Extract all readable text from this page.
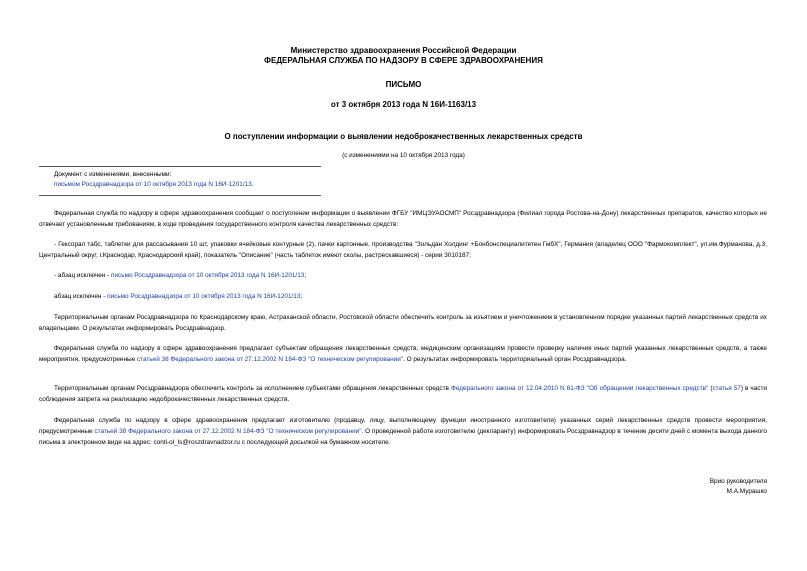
Министерство здравоохранения Российской Федерации
ФЕДЕРАЛЬНАЯ СЛУЖБА ПО НАДЗОРУ В СФЕРЕ ЗДРАВООХРАНЕНИЯ
ПИСЬМО
от 3 октября 2013 года N 16И-1163/13
О поступлении информации о выявлении недоброкачественных лекарственных средств
(с изменениями на 10 октября 2013 года)
Документ с изменениями, внесенными:
письмом Росздравнадзора от 10 октября 2013 года N 16И-1201/13.
Федеральная служба по надзору в сфере здравоохранения сообщает о поступлении информации о выявлении ФГБУ "ИМЦЭУАОСМП" Росздравнадзора (Филиал города Ростова-на-Дону) лекарственных препаратов, качество которых не отвечает установленным требованиям, в ходе проведения государственного контроля качества лекарственных средств:
- Гексорал табс, таблетки для рассасывания 10 шт, упаковки ячейковые контурные (2), пачки картонные, производства "Зольдан Холдинг +Бонбонспециалитетен ГмбХ", Германия (владелец ООО "Фармокомплект", ул.им.Фурманова, д.3, Центральный округ, г.Краснодар, Краснодарский край), показатель "Описание" (часть таблеток имеют сколы, растрескавшиеся) - серии 3010187;
- абзац исключен - письмо Росздравнадзора от 10 октября 2013 года N 16И-1201/13;
абзац исключен - письмо Росздравнадзора от 10 октября 2013 года N 16И-1201/13;
Территориальным органам Росздравнадзора по Краснодарскому краю, Астраханской области, Ростовской области обеспечить контроль за изъятием и уничтожением в установленном порядке указанных партий лекарственных средств их владельцами. О результатах информировать Росздравнадзор.
Федеральная служба по надзору в сфере здравоохранения предлагает субъектам обращения лекарственных средств, медицинским организациям провести проверку наличия иных партий указанных лекарственных средств, а также мероприятия, предусмотренные статьей 38 Федерального закона от 27.12.2002 N 184-ФЗ "О техническом регулировании". О результатах информировать территориальный орган Росздравнадзора.
Территориальным органам Росздравнадзора обеспечить контроль за исполнением субъектами обращения лекарственных средств Федерального закона от 12.04.2010 N 61-ФЗ "Об обращении лекарственных средств" (статья 57) в части соблюдения запрета на реализацию недоброкачественных лекарственных средств.
Федеральная служба по надзору в сфере здравоохранения предлагает изготовителю (продавцу, лицу, выполняющему функции иностранного изготовителя) указанных серий лекарственных средств провести мероприятия, предусмотренные статьей 38 Федерального закона от 27.12.2002 N 184-ФЗ "О техническом регулировании". О проведенной работе изготовителю (декларанту) информировать Росздравнадзор в течение десяти дней с момента выхода данного письма в электронном виде на адрес: conti-ol_ls@roszdravnadzor.ru с последующей досылкой на бумажном носителе.
Врио руководителя
М.А.Мурашко
